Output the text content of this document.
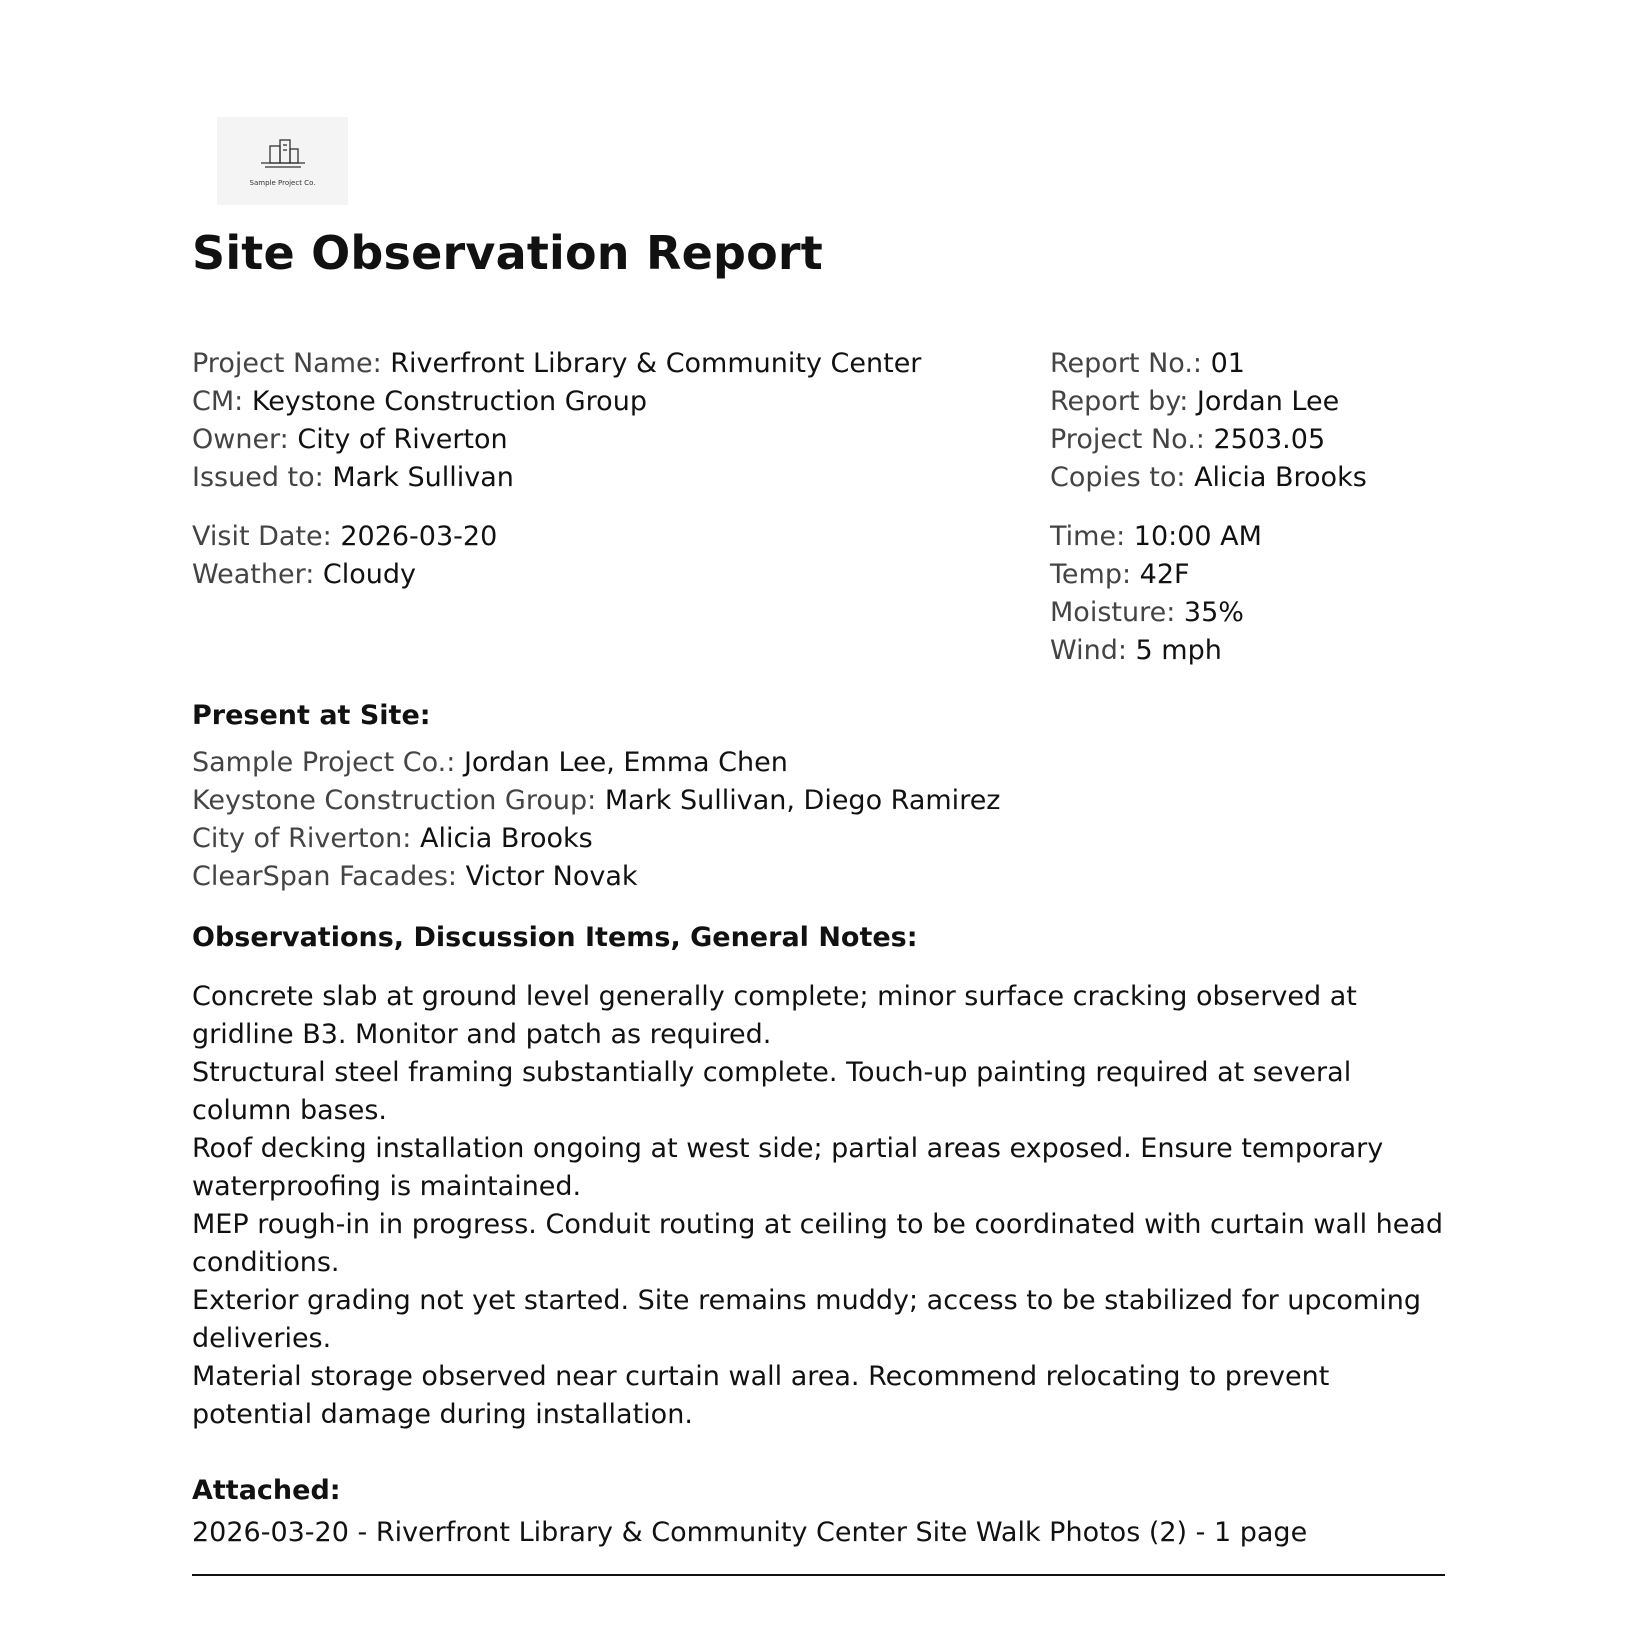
Sample Project Co.
Site Observation Report
Project Name: Riverfront Library & Community Center
CM: Keystone Construction Group
Owner: City of Riverton
Issued to: Mark Sullivan
Report No.: 01
Report by: Jordan Lee
Project No.: 2503.05
Copies to: Alicia Brooks
Visit Date: 2026-03-20
Weather: Cloudy
Time: 10:00 AM
Temp: 42F
Moisture: 35%
Wind: 5 mph
Present at Site:
Sample Project Co.: Jordan Lee, Emma Chen
Keystone Construction Group: Mark Sullivan, Diego Ramirez
City of Riverton: Alicia Brooks
ClearSpan Facades: Victor Novak
Observations, Discussion Items, General Notes:

Concrete slab at ground level generally complete; minor surface cracking observed at gridline B3. Monitor and patch as required.

Structural steel framing substantially complete. Touch-up painting required at several column bases.

Roof decking installation ongoing at west side; partial areas exposed. Ensure temporary waterproofing is maintained.

MEP rough-in in progress. Conduit routing at ceiling to be coordinated with curtain wall head conditions.

Exterior grading not yet started. Site remains muddy; access to be stabilized for upcoming deliveries.

Material storage observed near curtain wall area. Recommend relocating to prevent potential damage during installation.

Attached:
2026-03-20 - Riverfront Library & Community Center Site Walk Photos (2) - 1 page
